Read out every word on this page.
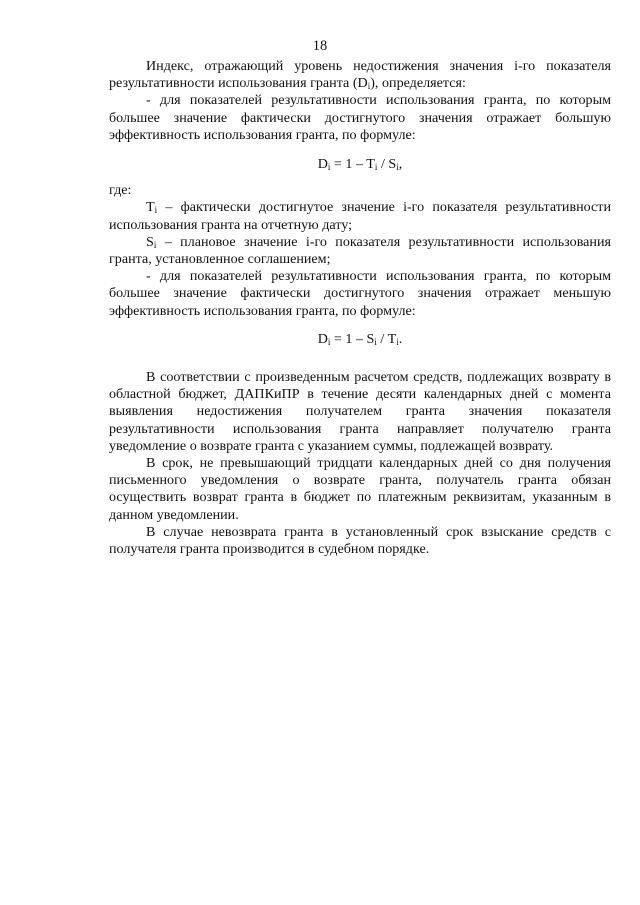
18

Индекс, отражающий уровень недостижения значения i-го показателя результативности использования гранта $(D_i)$, определяется:

- для показателей результативности использования гранта, по которым большее значение фактически достигнутого значения отражает большую эффективность использования гранта, по формуле:

$D_i = 1 - T_i / S_i$,

где:

$T_i$ – фактически достигнутое значение i-го показателя результативности использования гранта на отчетную дату;

$S_i$ – плановое значение i-го показателя результативности использования гранта, установленное соглашением;

- для показателей результативности использования гранта, по которым большее значение фактически достигнутого значения отражает меньшую эффективность использования гранта, по формуле:

$D_i = 1 - S_i / T_i$.

В соответствии с произведенным расчетом средств, подлежащих возврату в областной бюджет, ДАПКиПР в течение десяти календарных дней с момента выявления недостижения получателем гранта значения показателя результативности использования гранта направляет получателю гранта уведомление о возврате гранта с указанием суммы, подлежащей возврату.

В срок, не превышающий тридцати календарных дней со дня получения письменного уведомления о возврате гранта, получатель гранта обязан осуществить возврат гранта в бюджет по платежным реквизитам, указанным в данном уведомлении.

В случае невозврата гранта в установленный срок взыскание средств с получателя гранта производится в судебном порядке.
